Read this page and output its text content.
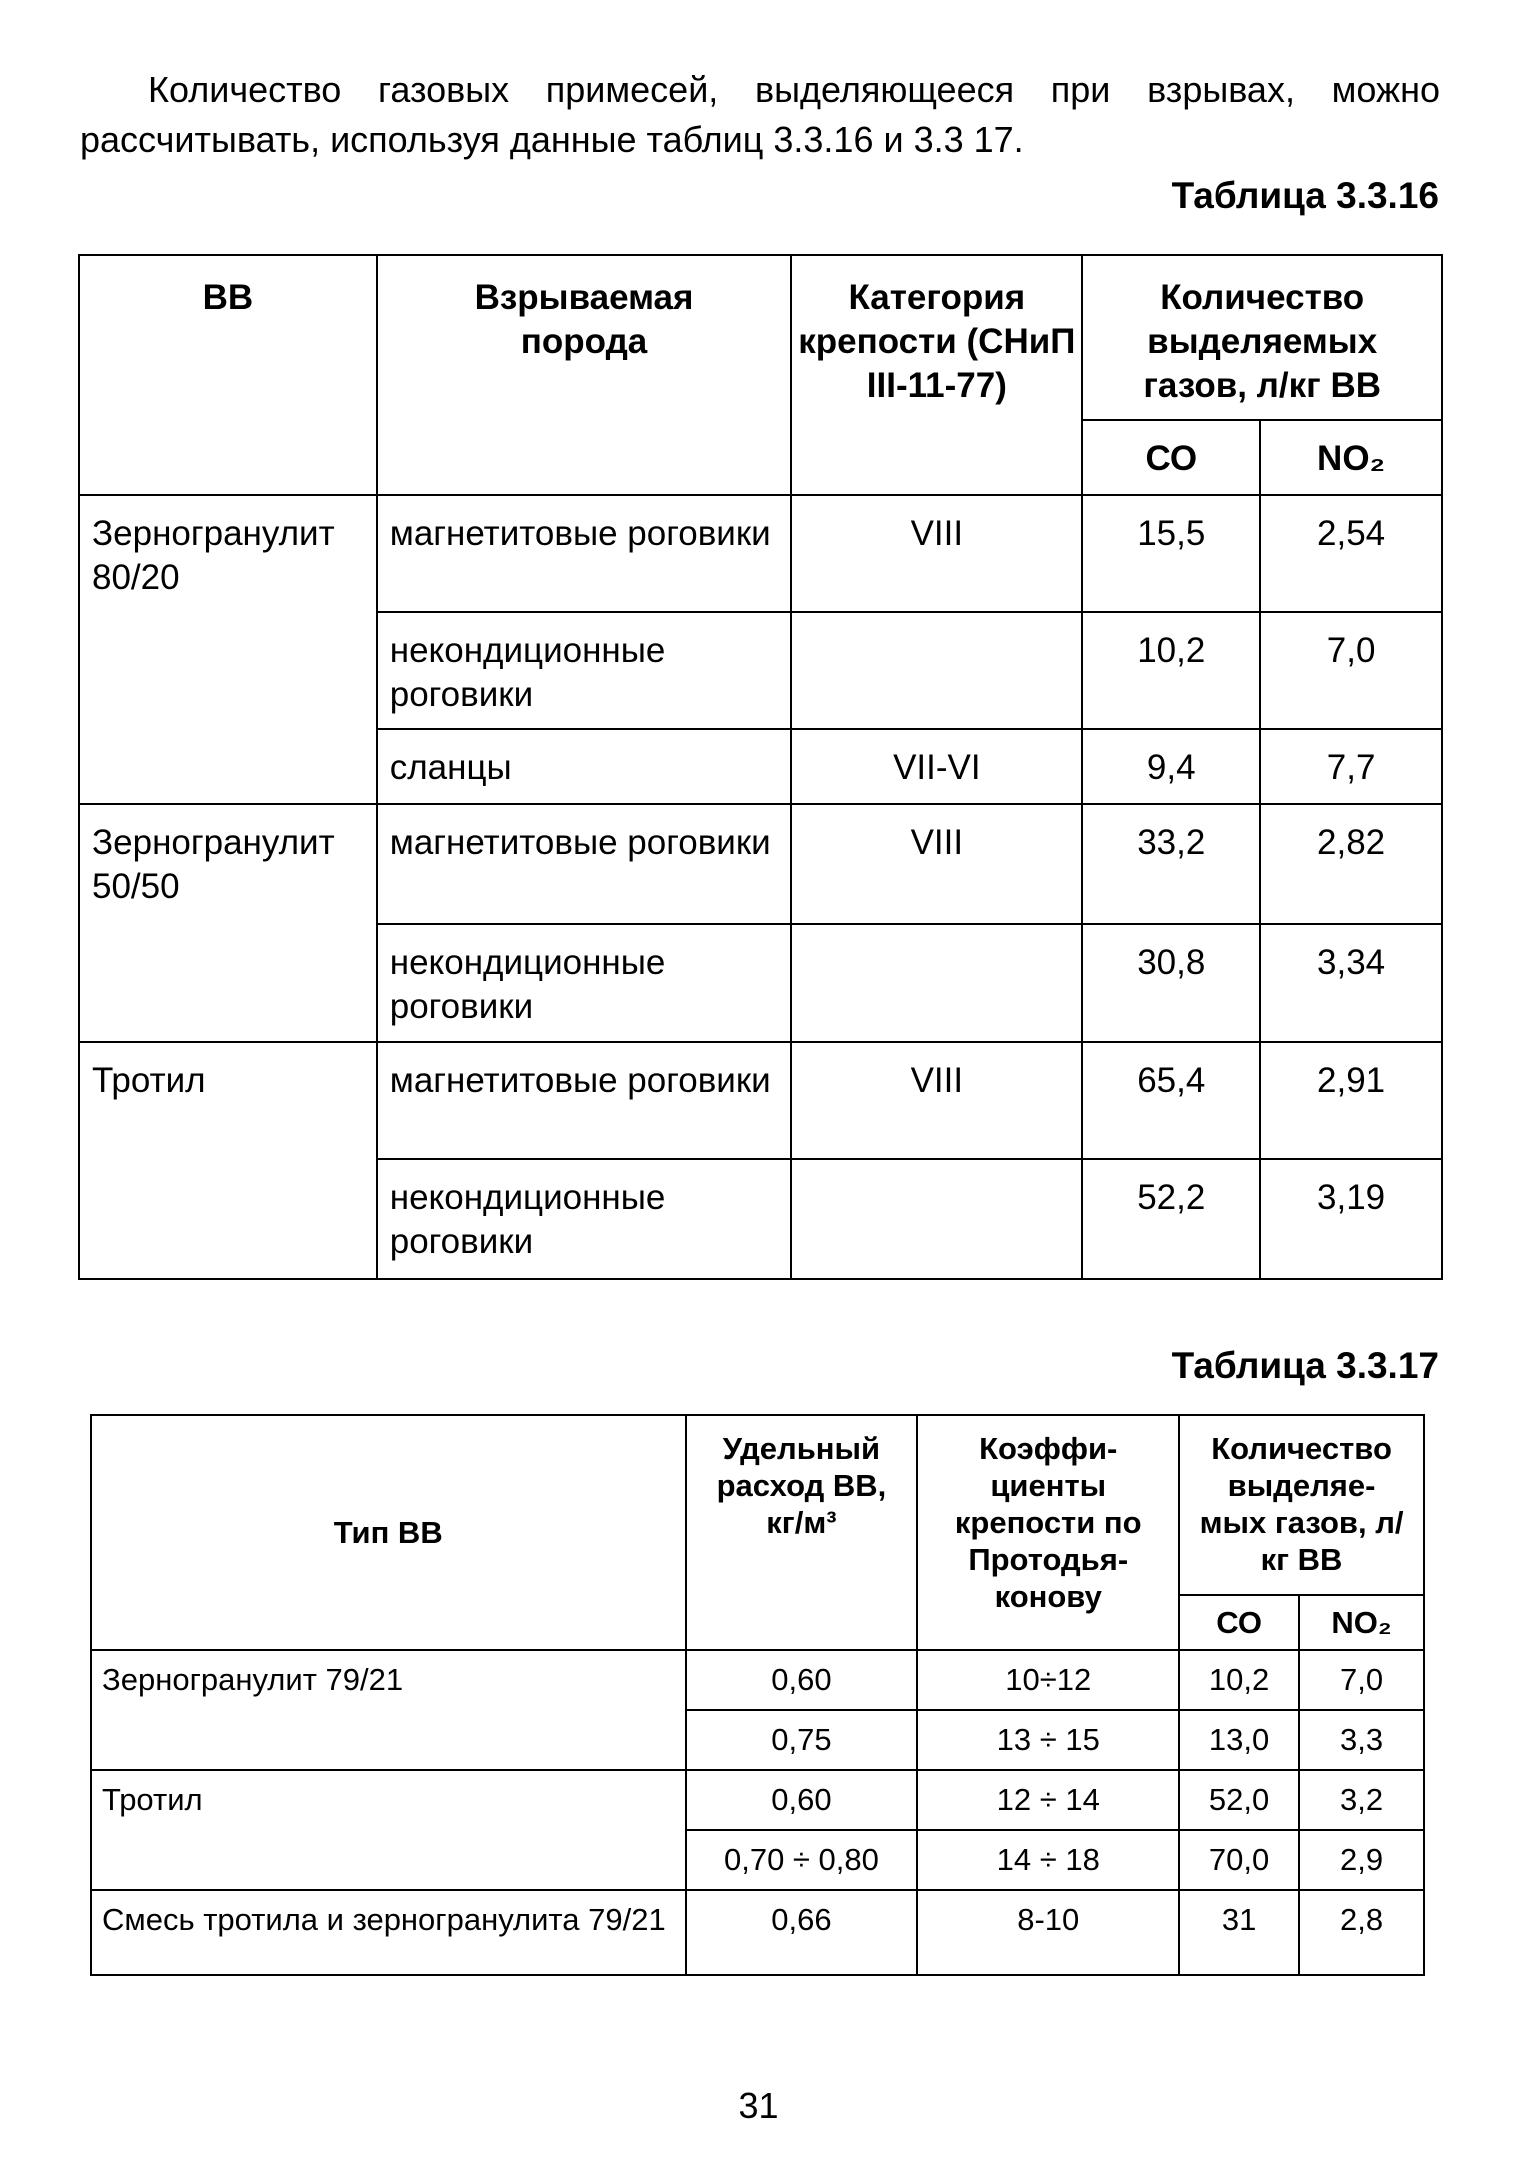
Количество газовых примесей, выделяющееся при взрывах, можно
рассчитывать, используя данные таблиц 3.3.16 и 3.3 17.

Таблица 3.3.16

ВВ	Взрываемая порода	Категория крепости (СНиП III-11-77)	Количество выделяемых газов, л/кг ВВ	
			СО	NO₂
Зерногранулит 80/20	магнетитовые роговики	VIII	15,5	2,54
	некондиционные роговики		10,2	7,0
	сланцы	VII-VI	9,4	7,7
Зерногранулит 50/50	магнетитовые роговики	VIII	33,2	2,82
	некондиционные роговики		30,8	3,34
Тротил	магнетитовые роговики	VIII	65,4	2,91
	некондиционные роговики		52,2	3,19

Таблица 3.3.17

Тип ВВ	Удельный расход ВВ, кг/м³	Коэффи-циенты крепости по Протодья-конову	Количество выделяе-мых газов, л/кг ВВ	
			СО	NO₂
Зерногранулит 79/21	0,60	10÷12	10,2	7,0
	0,75	13 ÷ 15	13,0	3,3
Тротил	0,60	12 ÷ 14	52,0	3,2
	0,70 ÷ 0,80	14 ÷ 18	70,0	2,9
Смесь тротила и зерногранулита 79/21	0,66	8-10	31	2,8

31
